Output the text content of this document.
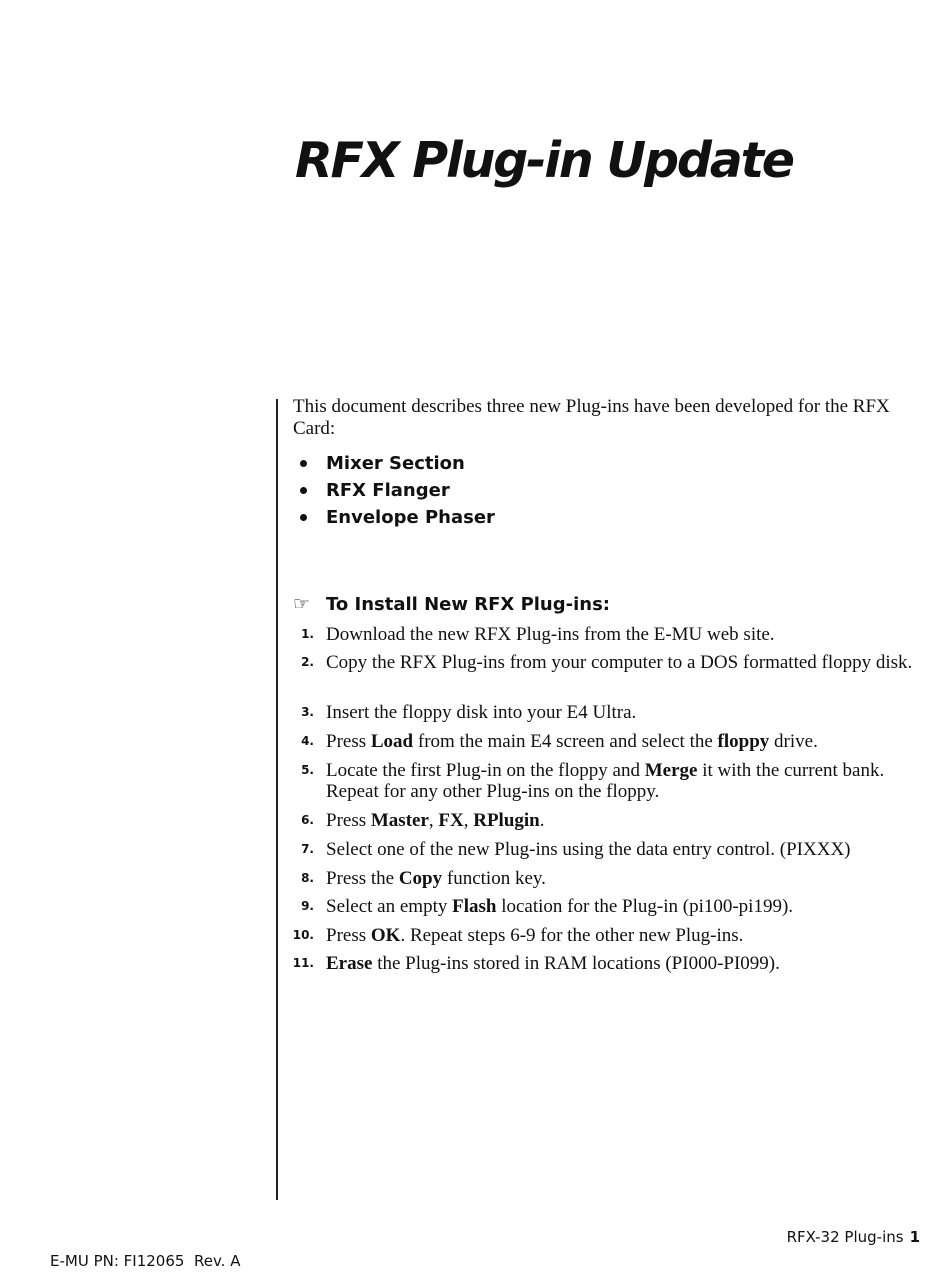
RFX Plug-in Update

This document describes three new Plug-ins have been developed for the RFX Card:

Mixer Section
RFX Flanger
Envelope Phaser
☞ To Install New RFX Plug-ins:
1. Download the new RFX Plug-ins from the E-MU web site.
2. Copy the RFX Plug-ins from your computer to a DOS formatted floppy disk.
3. Insert the floppy disk into your E4 Ultra.
4. Press Load from the main E4 screen and select the floppy drive.
5. Locate the first Plug-in on the floppy and Merge it with the current bank. Repeat for any other Plug-ins on the floppy.
6. Press Master, FX, RPlugin.
7. Select one of the new Plug-ins using the data entry control. (PIXXX)
8. Press the Copy function key.
9. Select an empty Flash location for the Plug-in (pi100-pi199).
10. Press OK. Repeat steps 6-9 for the other new Plug-ins.
11. Erase the Plug-ins stored in RAM locations (PI000-PI099).
RFX-32 Plug-ins 1
E-MU PN: FI12065  Rev. A
